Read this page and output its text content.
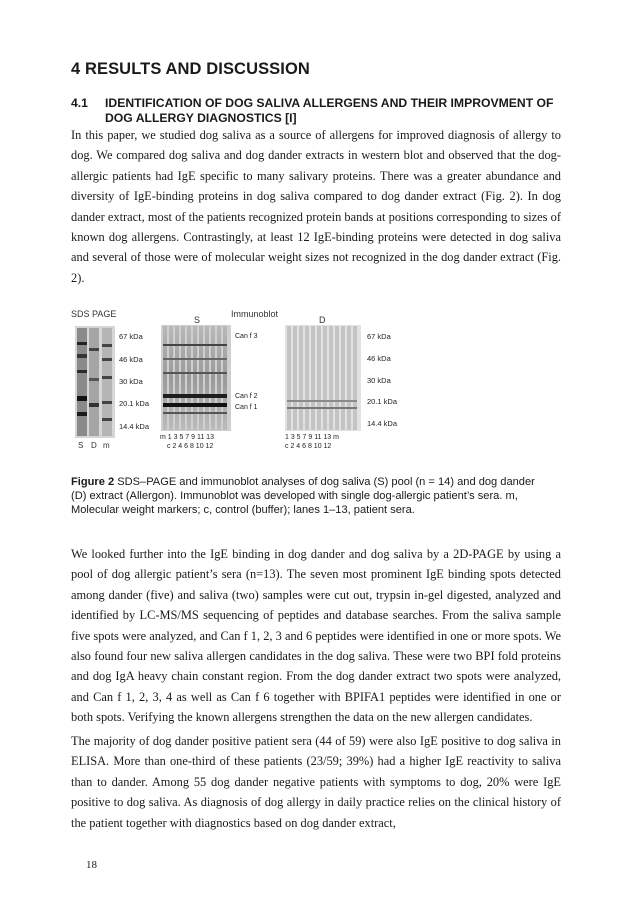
4 RESULTS AND DISCUSSION
4.1	IDENTIFICATION OF DOG SALIVA ALLERGENS AND THEIR IMPROVMENT OF DOG ALLERGY DIAGNOSTICS [I]

In this paper, we studied dog saliva as a source of allergens for improved diagnosis of allergy to dog. We compared dog saliva and dog dander extracts in western blot and observed that the dog-allergic patients had IgE specific to many salivary proteins. There was a greater abundance and diversity of IgE-binding proteins in dog saliva compared to dog dander extract (Fig. 2). In dog dander extract, most of the patients recognized protein bands at positions corresponding to sizes of known dog allergens. Contrastingly, at least 12 IgE-binding proteins were detected in dog saliva and several of those were of molecular weight sizes not recognized in the dog dander extract (Fig. 2).

SDS PAGE
S D m
67 kDa
46 kDa
30 kDa
20.1 kDa
14.4 kDa
S
Immunoblot
Can f 3
Can f 2
Can f 1
m 1 3 5 7 9 11 13
c 2 4 6 8 10 12
D
67 kDa
46 kDa
30 kDa
20.1 kDa
14.4 kDa
1 3 5 7 9 11 13 m
c 2 4 6 8 10 12

Figure 2 SDS–PAGE and immunoblot analyses of dog saliva (S) pool (n = 14) and dog dander (D) extract (Allergon). Immunoblot was developed with single dog-allergic patient’s sera. m, Molecular weight markers; c, control (buffer); lanes 1–13, patient sera.

We looked further into the IgE binding in dog dander and dog saliva by a 2D-PAGE by using a pool of dog allergic patient’s sera (n=13). The seven most prominent IgE binding spots detected among dander (five) and saliva (two) samples were cut out, trypsin in-gel digested, analyzed and identified by LC-MS/MS sequencing of peptides and database searches. From the saliva sample five spots were analyzed, and Can f 1, 2, 3 and 6 peptides were identified in one or more spots. We also found four new saliva allergen candidates in the dog saliva. These were two BPI fold proteins and dog IgA heavy chain constant region. From the dog dander extract two spots were analyzed, and Can f 1, 2, 3, 4 as well as Can f 6 together with BPIFA1 peptides were identified in one or both spots. Verifying the known allergens strengthen the data on the new allergen candidates.

The majority of dog dander positive patient sera (44 of 59) were also IgE positive to dog saliva in ELISA. More than one-third of these patients (23/59; 39%) had a higher IgE reactivity to saliva than to dander. Among 55 dog dander negative patients with symptoms to dog, 20% were IgE positive to dog saliva. As diagnosis of dog allergy in daily practice relies on the clinical history of the patient together with diagnostics based on dog dander extract,

18
